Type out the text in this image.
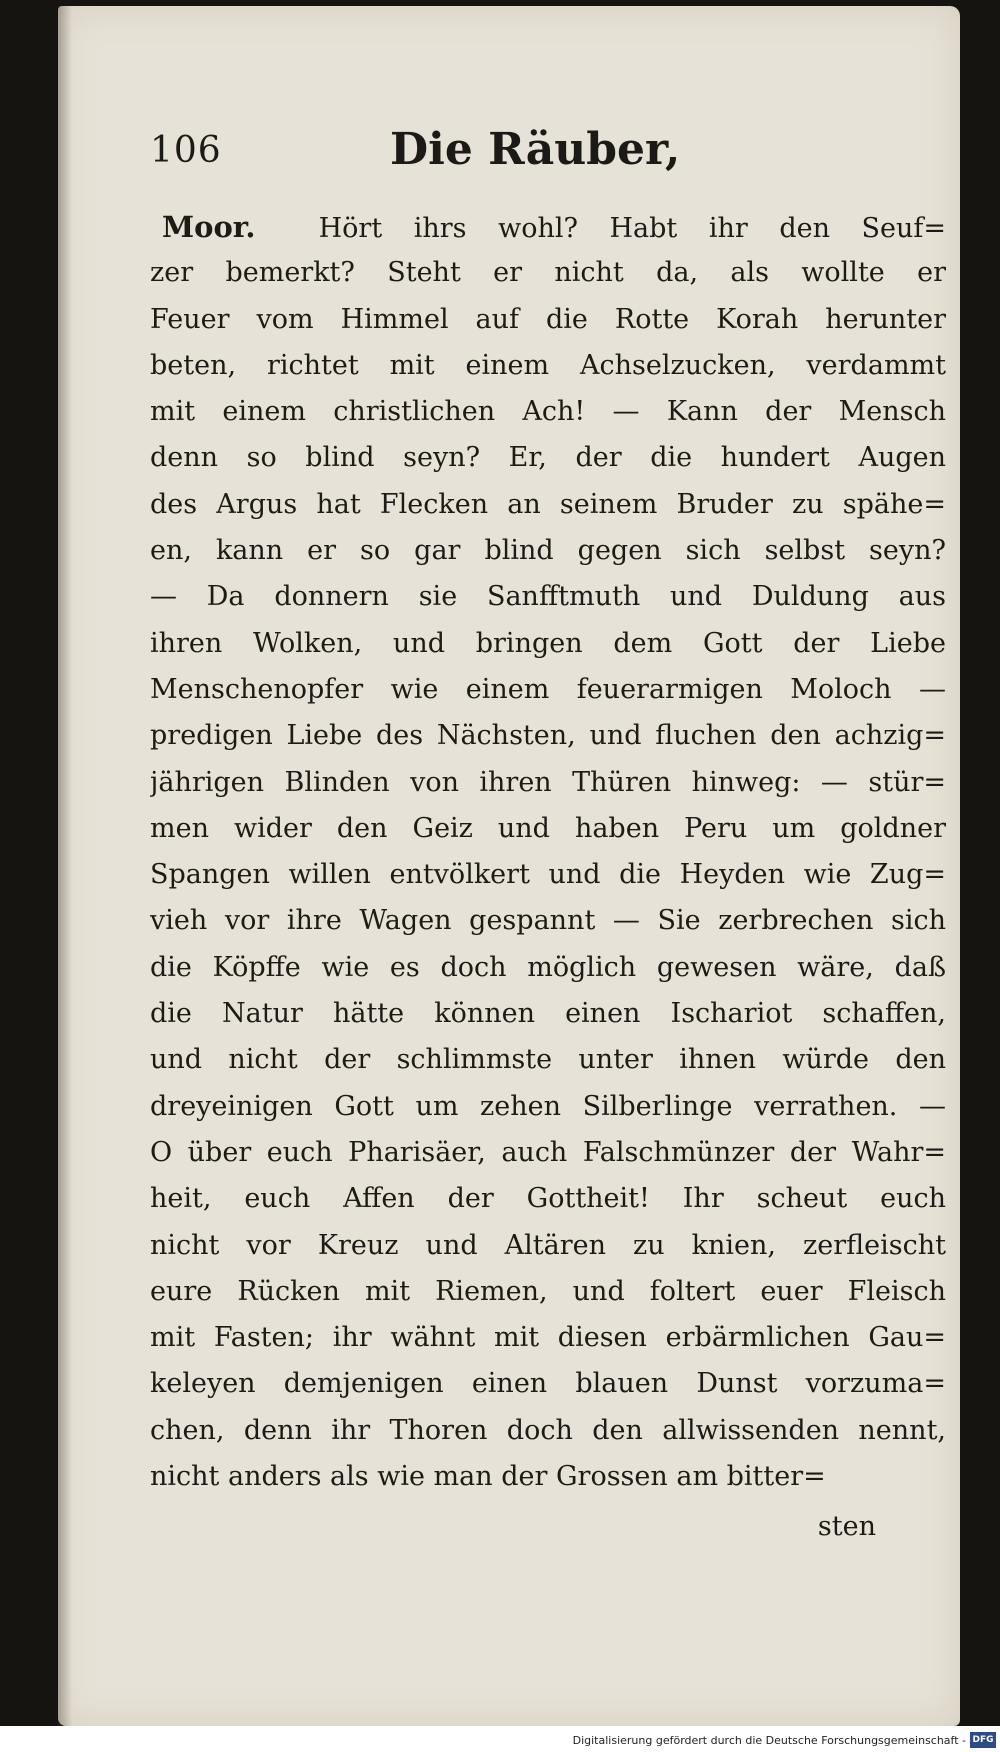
106	Die Räuber,
Moor. Hört ihrs wohl? Habt ihr den Seuf=
zer bemerkt? Steht er nicht da, als wollte er
Feuer vom Himmel auf die Rotte Korah herunter
beten, richtet mit einem Achselzucken, verdammt
mit einem christlichen Ach! — Kann der Mensch
denn so blind seyn? Er, der die hundert Augen
des Argus hat Flecken an seinem Bruder zu spähe=
en, kann er so gar blind gegen sich selbst seyn?
— Da donnern sie Sanfftmuth und Duldung aus
ihren Wolken, und bringen dem Gott der Liebe
Menschenopfer wie einem feuerarmigen Moloch —
predigen Liebe des Nächsten, und fluchen den achzig=
jährigen Blinden von ihren Thüren hinweg: — stür=
men wider den Geiz und haben Peru um goldner
Spangen willen entvölkert und die Heyden wie Zug=
vieh vor ihre Wagen gespannt — Sie zerbrechen sich
die Köpffe wie es doch möglich gewesen wäre, daß
die Natur hätte können einen Ischariot schaffen,
und nicht der schlimmste unter ihnen würde den
dreyeinigen Gott um zehen Silberlinge verrathen. —
O über euch Pharisäer, auch Falschmünzer der Wahr=
heit, euch Affen der Gottheit! Ihr scheut euch
nicht vor Kreuz und Altären zu knien, zerfleischt
eure Rücken mit Riemen, und foltert euer Fleisch
mit Fasten; ihr wähnt mit diesen erbärmlichen Gau=
keleyen demjenigen einen blauen Dunst vorzuma=
chen, denn ihr Thoren doch den allwissenden nennt,
nicht anders als wie man der Grossen am bitter=
sten
Digitalisierung gefördert durch die Deutsche Forschungsgemeinschaft - DFG
